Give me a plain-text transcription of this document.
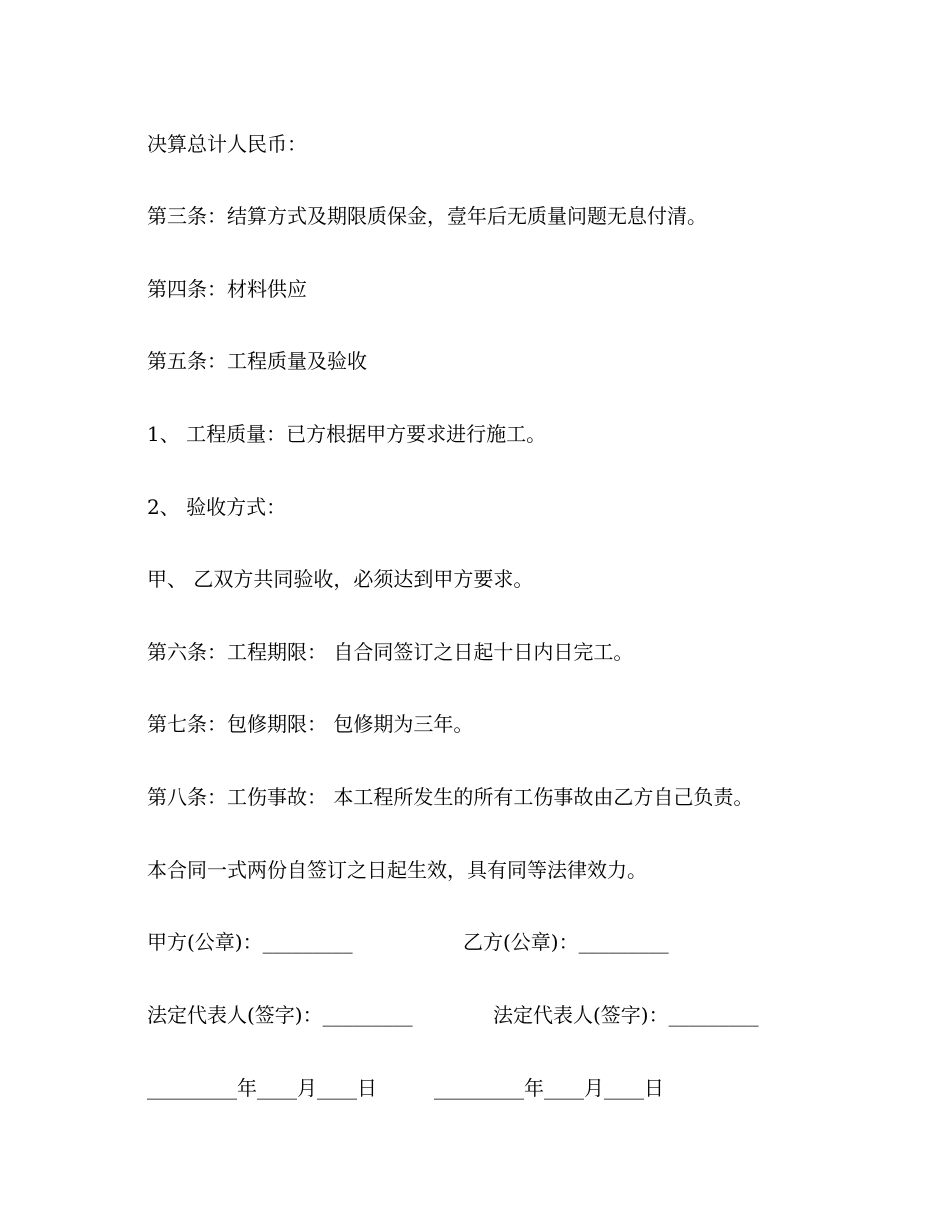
决算总计人民币：
第三条：结算方式及期限质保金，壹年后无质量问题无息付清。
第四条：材料供应
第五条：工程质量及验收
1、 工程质量：已方根据甲方要求进行施工。
2、 验收方式：
甲、 乙双方共同验收，必须达到甲方要求。
第六条：工程期限： 自合同签订之日起十日内日完工。
第七条：包修期限： 包修期为三年。
第八条：工伤事故： 本工程所发生的所有工伤事故由乙方自己负责。
本合同一式两份自签订之日起生效，具有同等法律效力。

甲方(公章)：_________

	乙方(公章)：_________

法定代表人(签字)：_________

	法定代表人(签字)：_________

_________年____月____日

	_________年____月____日
